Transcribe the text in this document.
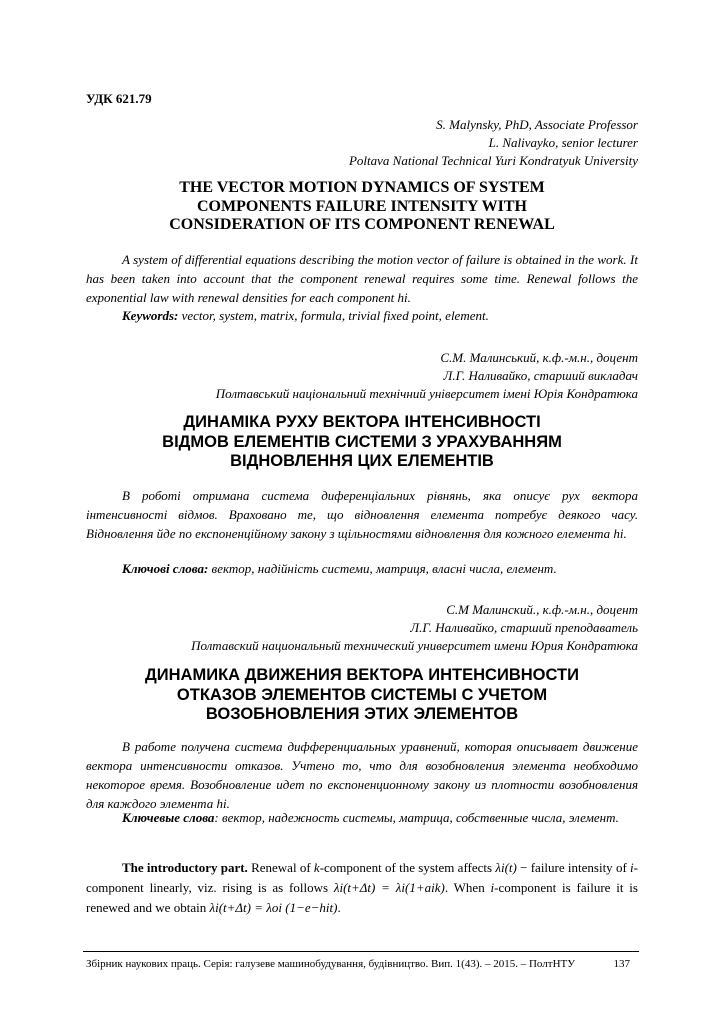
УДК 621.79
S. Malynsky, PhD, Associate Professor
L. Nalivayko, senior lecturer
Poltava National Technical Yuri Kondratyuk University
THE VECTOR MOTION DYNAMICS OF SYSTEM
COMPONENTS FAILURE INTENSITY WITH
CONSIDERATION OF ITS COMPONENT RENEWAL

A system of differential equations describing the motion vector of failure is obtained in the work. It has been taken into account that the component renewal requires some time. Renewal follows the exponential law with renewal densities for each component hi.

Keywords: vector, system, matrix, formula, trivial fixed point, element.
С.М. Малинський, к.ф.-м.н., доцент
Л.Г. Наливайко, старший викладач
Полтавський національний технічний університет імені Юрія Кондратюка
ДИНАМІКА РУХУ ВЕКТОРА ІНТЕНСИВНОСТІ
ВІДМОВ ЕЛЕМЕНТІВ СИСТЕМИ З УРАХУВАННЯМ
ВІДНОВЛЕННЯ ЦИХ ЕЛЕМЕНТІВ

В роботі отримана система диференціальних рівнянь, яка описує рух вектора інтенсивності відмов. Враховано те, що відновлення елемента потребує деякого часу. Відновлення йде по експоненційному закону з щільностями відновлення для кожного елемента hi.

Ключові слова: вектор, надійність системи, матриця, власні числа, елемент.
С.М Малинский., к.ф.-м.н., доцент
Л.Г. Наливайко, старший преподаватель
Полтавский национальный технический университет имени Юрия Кондратюка
ДИНАМИКА ДВИЖЕНИЯ ВЕКТОРА ИНТЕНСИВНОСТИ
ОТКАЗОВ ЭЛЕМЕНТОВ СИСТЕМЫ С УЧЕТОМ
ВОЗОБНОВЛЕНИЯ ЭТИХ ЭЛЕМЕНТОВ

В работе получена система дифференциальных уравнений, которая описывает движение вектора интенсивности отказов. Учтено то, что для возобновления элемента необходимо некоторое время. Возобновление идет по експоненционному закону из плотности возобновления для каждого элемента hi.

Ключевые слова: вектор, надежность системы, матрица, собственные числа, элемент.

The introductory part. Renewal of k-component of the system affects λi(t) − failure intensity of i-component linearly, viz. rising is as follows λi(t+Δt) = λi(1+aik). When i-component is failure it is renewed and we obtain λi(t+Δt) = λoi (1−e−hit).

Збірник наукових праць. Серія: галузеве машинобудування, будівництво. Вип. 1(43). – 2015. – ПолтНТУ	137
